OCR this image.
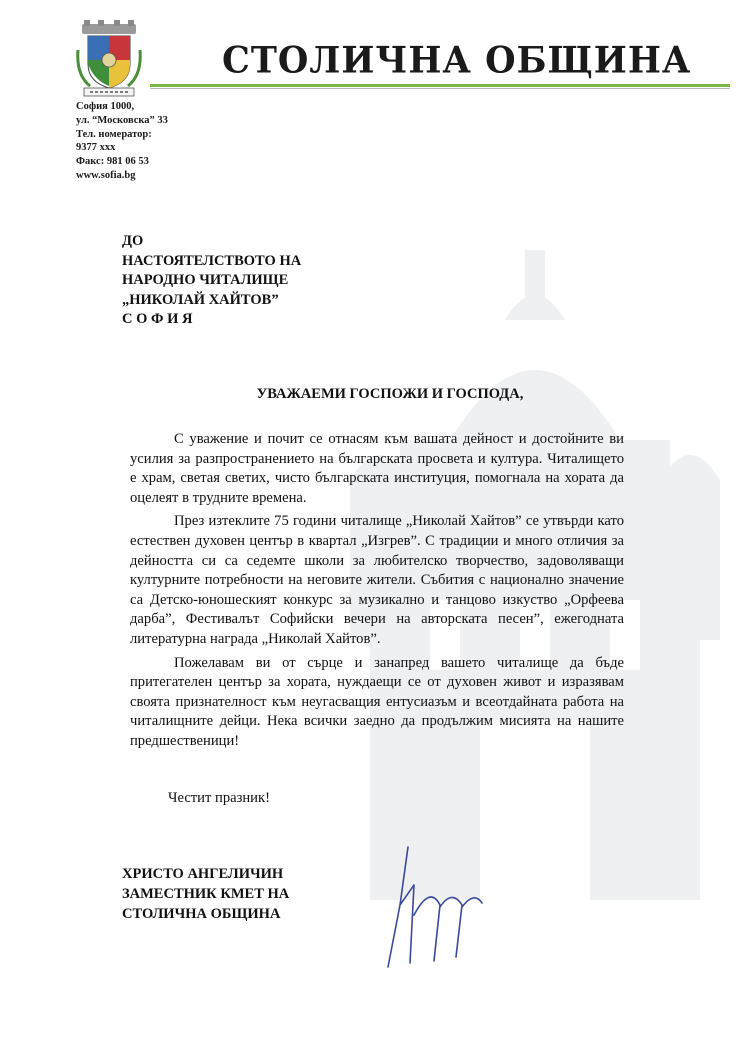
СТОЛИЧНА ОБЩИНА
София 1000,
ул. “Московска” 33
Тел. номератор:
9377 xxx
Факс: 981 06 53
www.sofia.bg
ДО
НАСТОЯТЕЛСТВОТО НА
НАРОДНО ЧИТАЛИЩЕ
„НИКОЛАЙ ХАЙТОВ”
С О Ф И Я
УВАЖАЕМИ ГОСПОЖИ И ГОСПОДА,

С уважение и почит се отнасям към вашата дейност и достойните ви усилия за разпространението на българската просвета и култура. Читалището е храм, светая светих, чисто българската институция, помогнала на хората да оцелеят в трудните времена.

През изтеклите 75 години читалище „Николай Хайтов” се утвърди като естествен духовен център в квартал „Изгрев”. С традиции и много отличия за дейността си са седемте школи за любителско творчество, задоволяващи културните потребности на неговите жители. Събития с национално значение са Детско-юношеският конкурс за музикално и танцово изкуство „Орфеева дарба”, Фестивалът Софийски вечери на авторската песен”, ежегодната литературна награда „Николай Хайтов”.

Пожелавам ви от сърце и занапред вашето читалище да бъде притегателен център за хората, нуждаещи се от духовен живот и изразявам своята признателност към неугасващия ентусиазъм и всеотдайната работа на читалищните дейци. Нека всички заедно да продължим мисията на нашите предшественици!

Честит празник!
ХРИСТО АНГЕЛИЧИН
ЗАМЕСТНИК КМЕТ НА
СТОЛИЧНА ОБЩИНА
